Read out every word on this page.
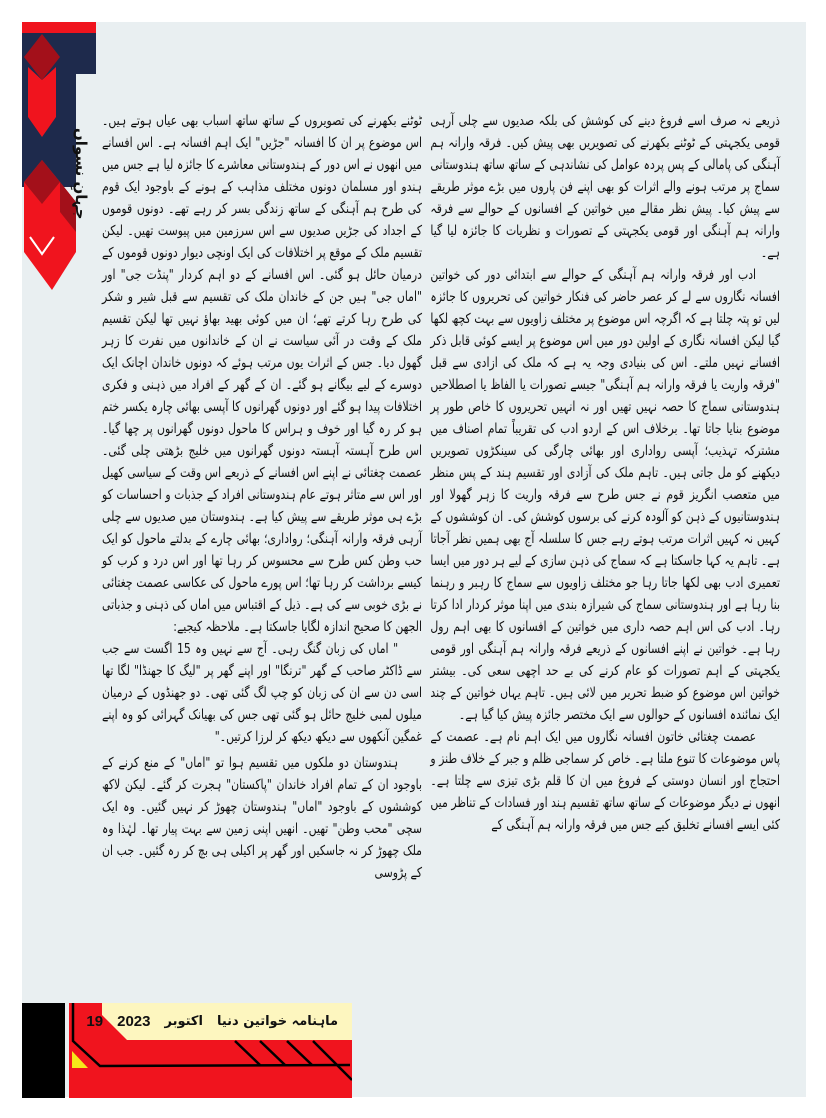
جہانِ نسواں

ذریعے نہ صرف اسے فروغ دینے کی کوشش کی بلکہ صدیوں سے چلی آرہی قومی یکجہتی کے ٹوٹنے بکھرنے کی تصویریں بھی پیش کیں۔ فرقہ وارانہ ہم آہنگی کی پامالی کے پس پردہ عوامل کی نشاندہی کے ساتھ ساتھ ہندوستانی سماج پر مرتب ہونے والے اثرات کو بھی اپنے فن پاروں میں بڑے موثر طریقے سے پیش کیا۔ پیش نظر مقالے میں خواتین کے افسانوں کے حوالے سے فرقہ وارانہ ہم آہنگی اور قومی یکجہتی کے تصورات و نظریات کا جائزہ لیا گیا ہے۔

ادب اور فرقہ وارانہ ہم آہنگی کے حوالے سے ابتدائی دور کی خواتین افسانہ نگاروں سے لے کر عصر حاضر کی فنکار خواتین کی تحریروں کا جائزہ لیں تو پتہ چلتا ہے کہ اگرچہ اس موضوع پر مختلف زاویوں سے بہت کچھ لکھا گیا لیکن افسانہ نگاری کے اولین دور میں اس موضوع پر ایسے کوئی قابل ذکر افسانے نہیں ملتے۔ اس کی بنیادی وجہ یہ ہے کہ ملک کی ازادی سے قبل "فرقہ واریت یا فرقہ وارانہ ہم آہنگی" جیسے تصورات یا الفاظ یا اصطلاحیں ہندوستانی سماج کا حصہ نہیں تھیں اور نہ انہیں تحریروں کا خاص طور پر موضوع بنایا جاتا تھا۔ برخلاف اس کے اردو ادب کی تقریباً تمام اصناف میں مشترکہ تہذیب؛ آپسی رواداری اور بھائی چارگی کی سینکڑوں تصویریں دیکھنے کو مل جاتی ہیں۔ تاہم ملک کی آزادی اور تقسیم ہند کے پس منظر میں متعصب انگریز قوم نے جس طرح سے فرقہ واریت کا زہر گھولا اور ہندوستانیوں کے ذہن کو آلودہ کرنے کی برسوں کوشش کی۔ ان کوششوں کے کہیں نہ کہیں اثرات مرتب ہوتے رہے جس کا سلسلہ آج بھی ہمیں نظر آجاتا ہے۔ تاہم یہ کہا جاسکتا ہے کہ سماج کی ذہن سازی کے لیے ہر دور میں ایسا تعمیری ادب بھی لکھا جاتا رہا جو مختلف زاویوں سے سماج کا رہبر و رہنما بنا رہا ہے اور ہندوستانی سماج کی شیرازہ بندی میں اپنا موثر کردار ادا کرتا رہا۔ ادب کی اس اہم حصہ داری میں خواتین کے افسانوں کا بھی اہم رول رہا ہے۔ خواتین نے اپنے افسانوں کے ذریعے فرقہ وارانہ ہم آہنگی اور قومی یکجہتی کے اہم تصورات کو عام کرنے کی بے حد اچھی سعی کی۔ بیشتر خواتین اس موضوع کو ضبط تحریر میں لائی ہیں۔ تاہم یہاں خواتین کے چند ایک نمائندہ افسانوں کے حوالوں سے ایک مختصر جائزہ پیش کیا گیا ہے۔

عصمت چغتائی خاتون افسانہ نگاروں میں ایک اہم نام ہے۔ عصمت کے پاس موضوعات کا تنوع ملتا ہے۔ خاص کر سماجی ظلم و جبر کے خلاف طنز و احتجاج اور انسان دوستی کے فروغ میں ان کا قلم بڑی تیزی سے چلتا ہے۔ انھوں نے دیگر موضوعات کے ساتھ ساتھ تقسیم ہند اور فسادات کے تناظر میں کئی ایسے افسانے تخلیق کیے جس میں فرقہ وارانہ ہم آہنگی کے

ٹوٹنے بکھرنے کی تصویروں کے ساتھ ساتھ اسباب بھی عیاں ہوتے ہیں۔ اس موضوع پر ان کا افسانہ "جڑیں" ایک اہم افسانہ ہے۔ اس افسانے میں انھوں نے اس دور کے ہندوستانی معاشرے کا جائزہ لیا ہے جس میں ہندو اور مسلمان دونوں مختلف مذاہب کے ہونے کے باوجود ایک قوم کی طرح ہم آہنگی کے ساتھ زندگی بسر کر رہے تھے۔ دونوں قوموں کے اجداد کی جڑیں صدیوں سے اس سرزمین میں پیوست تھیں۔ لیکن تقسیم ملک کے موقع پر اختلافات کی ایک اونچی دیوار دونوں قوموں کے درمیان حائل ہو گئی۔ اس افسانے کے دو اہم کردار "پنڈت جی" اور "اماں جی" ہیں جن کے خاندان ملک کی تقسیم سے قبل شیر و شکر کی طرح رہا کرتے تھے؛ ان میں کوئی بھید بھاؤ نہیں تھا لیکن تقسیم ملک کے وقت در آئی سیاست نے ان کے خاندانوں میں نفرت کا زہر گھول دیا۔ جس کے اثرات یوں مرتب ہوئے کہ دونوں خاندان اچانک ایک دوسرے کے لیے بیگانے ہو گئے۔ ان کے گھر کے افراد میں ذہنی و فکری اختلافات پیدا ہو گئے اور دونوں گھرانوں کا آپسی بھائی چارہ یکسر ختم ہو کر رہ گیا اور خوف و ہراس کا ماحول دونوں گھرانوں پر چھا گیا۔ اس طرح آہستہ آہستہ دونوں گھرانوں میں خلیج بڑھتی چلی گئی۔ عصمت چغتائی نے اپنے اس افسانے کے ذریعے اس وقت کے سیاسی کھیل اور اس سے متاثر ہوتے عام ہندوستانی افراد کے جذبات و احساسات کو بڑے ہی موثر طریقے سے پیش کیا ہے۔ ہندوستان میں صدیوں سے چلی آرہی فرقہ وارانہ آہنگی؛ رواداری؛ بھائی چارے کے بدلتے ماحول کو ایک حب وطن کس طرح سے محسوس کر رہا تھا اور اس درد و کرب کو کیسے برداشت کر رہا تھا؛ اس پورے ماحول کی عکاسی عصمت چغتائی نے بڑی خوبی سے کی ہے۔ ذیل کے اقتباس میں اماں کی ذہنی و جذباتی الجھن کا صحیح اندازہ لگایا جاسکتا ہے۔ ملاحظہ کیجیے:

" اماں کی زبان گنگ رہی۔ آج سے نہیں وہ 15 اگست سے جب سے ڈاکٹر صاحب کے گھر "ترنگا" اور اپنے گھر پر "لیگ کا جھنڈا" لگا تھا اسی دن سے ان کی زبان کو چپ لگ گئی تھی۔ دو جھنڈوں کے درمیان میلوں لمبی خلیج حائل ہو گئی تھی جس کی بھیانک گہرائی کو وہ اپنے غمگین آنکھوں سے دیکھ دیکھ کر لرزا کرتیں۔"

ہندوستان دو ملکوں میں تقسیم ہوا تو "اماں" کے منع کرنے کے باوجود ان کے تمام افراد خاندان "پاکستان" ہجرت کر گئے۔ لیکن لاکھ کوششوں کے باوجود "اماں" ہندوستان چھوڑ کر نہیں گئیں۔ وہ ایک سچی "محب وطن" تھیں۔ انھیں اپنی زمین سے بہت پیار تھا۔ لہٰذا وہ ملک چھوڑ کر نہ جاسکیں اور گھر پر اکیلی ہی بچ کر رہ گئیں۔ جب ان کے پڑوسی

ماہنامہ خواتین دنیا
اکتوبر
2023
19
